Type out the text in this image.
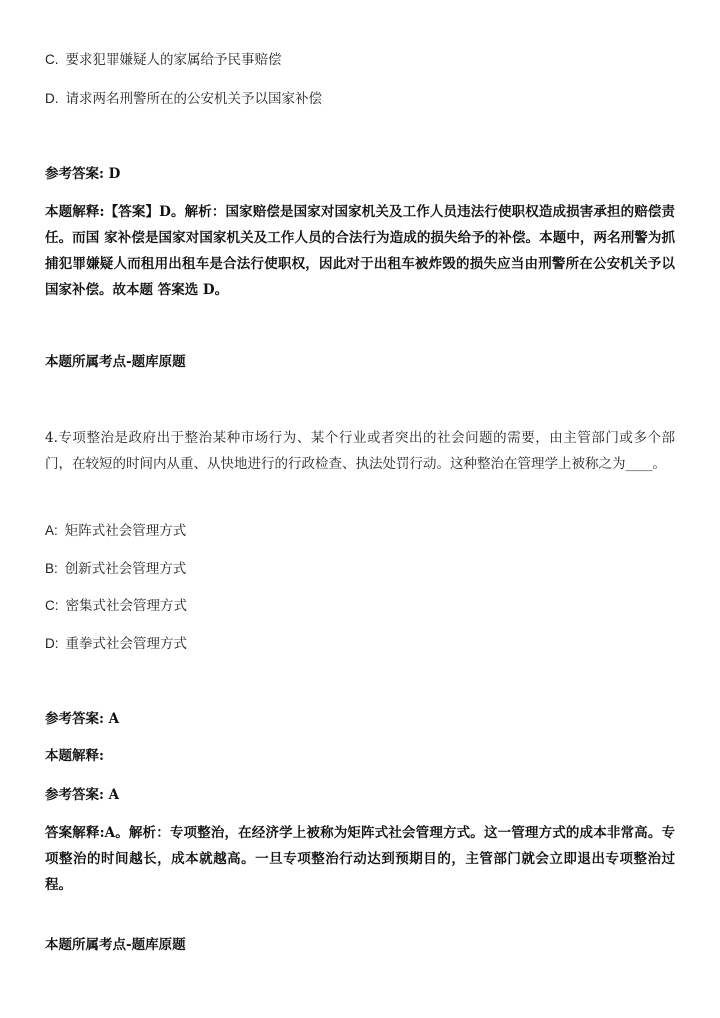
C. 要求犯罪嫌疑人的家属给予民事赔偿
D. 请求两名刑警所在的公安机关予以国家补偿
参考答案: D
本题解释:【答案】D。解析：国家赔偿是国家对国家机关及工作人员违法行使职权造成损害承担的赔偿责任。而国 家补偿是国家对国家机关及工作人员的合法行为造成的损失给予的补偿。本题中，两名刑警为抓捕犯罪嫌疑人而租用出租车是合法行使职权，因此对于出租车被炸毁的损失应当由刑警所在公安机关予以国家补偿。故本题 答案选 D。
本题所属考点-题库原题
4.专项整治是政府出于整治某种市场行为、某个行业或者突出的社会问题的需要，由主管部门或多个部门，在较短的时间内从重、从快地进行的行政检查、执法处罚行动。这种整治在管理学上被称之为____。
A: 矩阵式社会管理方式
B: 创新式社会管理方式
C: 密集式社会管理方式
D: 重拳式社会管理方式
参考答案: A
本题解释:
参考答案: A
答案解释:A。解析：专项整治，在经济学上被称为矩阵式社会管理方式。这一管理方式的成本非常高。专项整治的时间越长，成本就越高。一旦专项整治行动达到预期目的，主管部门就会立即退出专项整治过程。
本题所属考点-题库原题
